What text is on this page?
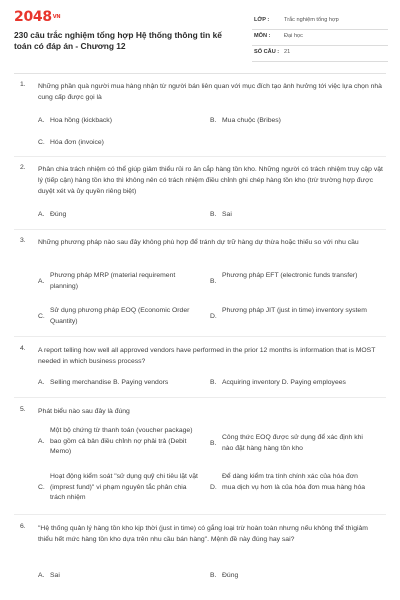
2048VN
230 câu trắc nghiệm tổng hợp Hệ thống thông tin kế toán có đáp án - Chương 12
LỚP :	Trắc nghiệm tổng hợp
MÔN : Đại học
SỐ CÂU : 21
1. Những phần quà người mua hàng nhận từ người bán liên quan với mục đích tạo ảnh hưởng tới việc lựa chọn nhà cung cấp được gọi là
A. Hoa hồng (kickback)	B. Mua chuộc (Bribes)
C. Hóa đơn (invoice)
2. Phân chia trách nhiệm có thể giúp giảm thiểu rủi ro ăn cắp hàng tồn kho. Những người có trách nhiệm truy cập vật lý (tiếp cận) hàng tồn kho thì không nên có trách nhiệm điều chỉnh ghi chép hàng tồn kho (trừ trường hợp được duyệt xét và ủy quyền riêng biệt)
A. Đúng	B. Sai
3. Những phương pháp nào sau đây không phù hợp để tránh dự trữ hàng dự thừa hoặc thiếu so với nhu cầu
A.
Phương pháp MRP (material requirement planning)
B.
Phương pháp EFT (electronic funds transfer)
C.
Sử dụng phương pháp EOQ (Economic Order Quantity)
D.
Phương pháp JIT (just in time) inventory system
4. A report telling how well all approved vendors have performed in the prior 12 months is information that is MOST needed in which business process?
A. Selling merchandise B. Paying vendors	B. Acquiring inventory D. Paying employees
5. Phát biểu nào sau đây là đúng
A.
Một bộ chứng từ thanh toán (voucher package) bao gồm cả bản điều chỉnh nợ phải trả (Debit Memo)
B.
Công thức EOQ được sử dụng để xác định khi nào đặt hàng hàng tồn kho
C.
Hoạt động kiểm soát "sử dụng quỹ chi tiêu lặt vặt (imprest fund)" vi phạm nguyên tắc phân chia trách nhiệm
D.
Để dàng kiểm tra tính chính xác của hóa đơn mua dịch vụ hơn là của hóa đơn mua hàng hóa
6. "Hệ thống quản lý hàng tồn kho kịp thời (just in time) có gắng loại trừ hoàn toàn nhưng nếu không thể thìgiảm thiểu hết mức hàng tồn kho dựa trên nhu cầu bán hàng". Mệnh đề này đúng hay sai?
A. Sai	B. Đúng
